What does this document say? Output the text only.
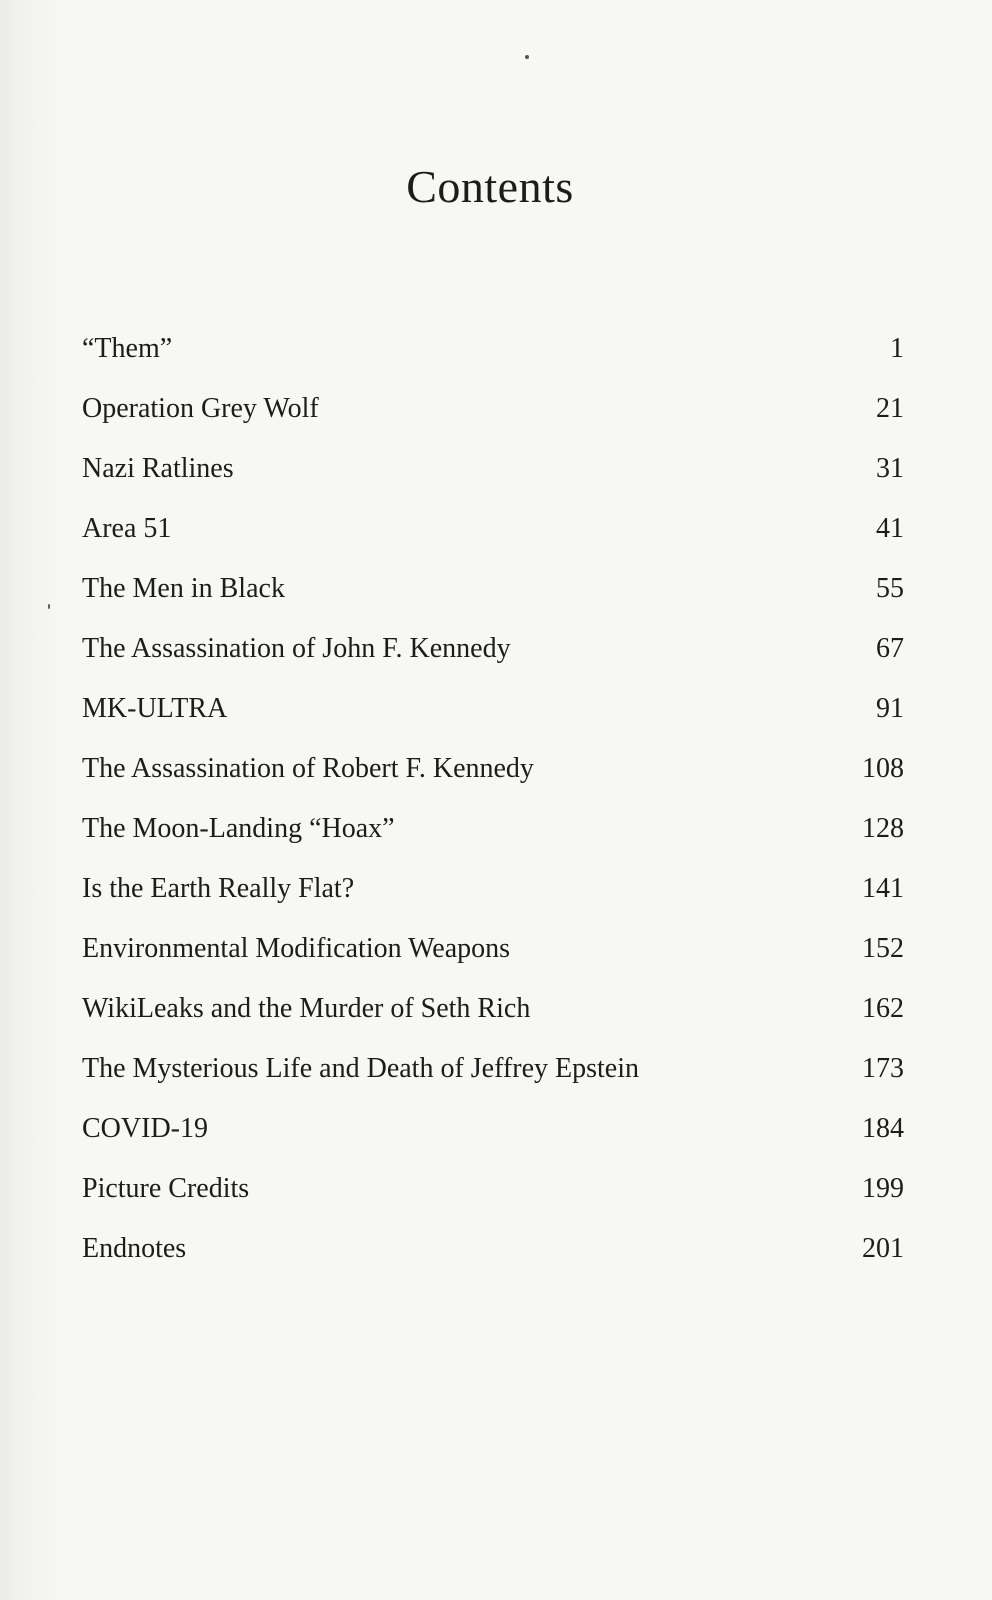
Contents
“Them”	1
Operation Grey Wolf	21
Nazi Ratlines	31
Area 51	41
The Men in Black	55
The Assassination of John F. Kennedy	67
MK-ULTRA	91
The Assassination of Robert F. Kennedy	108
The Moon-Landing “Hoax”	128
Is the Earth Really Flat?	141
Environmental Modification Weapons	152
WikiLeaks and the Murder of Seth Rich	162
The Mysterious Life and Death of Jeffrey Epstein	173
COVID-19	184
Picture Credits	199
Endnotes	201
